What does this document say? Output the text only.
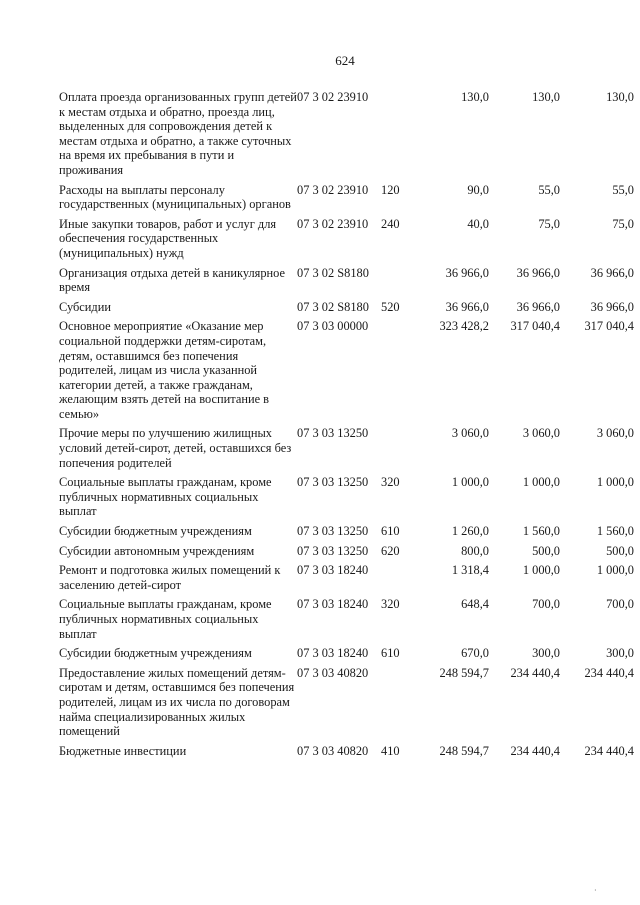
624
Оплата проезда организованных групп детей к местам отдыха и обратно, проезда лиц, выделенных для сопровождения детей к местам отдыха и обратно, а также суточных на время их пребывания в пути и проживания	07 3 02 23910		130,0	130,0	130,0
Расходы на выплаты персоналу государственных (муниципальных) органов	07 3 02 23910	120	90,0	55,0	55,0
Иные закупки товаров, работ и услуг для обеспечения государственных (муниципальных) нужд	07 3 02 23910	240	40,0	75,0	75,0
Организация отдыха детей в каникулярное время	07 3 02 S8180		36 966,0	36 966,0	36 966,0
Субсидии	07 3 02 S8180	520	36 966,0	36 966,0	36 966,0
Основное мероприятие «Оказание мер социальной поддержки детям-сиротам, детям, оставшимся без попечения родителей, лицам из числа указанной категории детей, а также гражданам, желающим взять детей на воспитание в семью»	07 3 03 00000		323 428,2	317 040,4	317 040,4
Прочие меры по улучшению жилищных условий детей-сирот, детей, оставшихся без попечения родителей	07 3 03 13250		3 060,0	3 060,0	3 060,0
Социальные выплаты гражданам, кроме публичных нормативных социальных выплат	07 3 03 13250	320	1 000,0	1 000,0	1 000,0
Субсидии бюджетным учреждениям	07 3 03 13250	610	1 260,0	1 560,0	1 560,0
Субсидии автономным учреждениям	07 3 03 13250	620	800,0	500,0	500,0
Ремонт и подготовка жилых помещений к заселению детей-сирот	07 3 03 18240		1 318,4	1 000,0	1 000,0
Социальные выплаты гражданам, кроме публичных нормативных социальных выплат	07 3 03 18240	320	648,4	700,0	700,0
Субсидии бюджетным учреждениям	07 3 03 18240	610	670,0	300,0	300,0
Предоставление жилых помещений детям-сиротам и детям, оставшимся без попечения родителей, лицам из их числа по договорам найма специализированных жилых помещений	07 3 03 40820		248 594,7	234 440,4	234 440,4
Бюджетные инвестиции	07 3 03 40820	410	248 594,7	234 440,4	234 440,4
·
